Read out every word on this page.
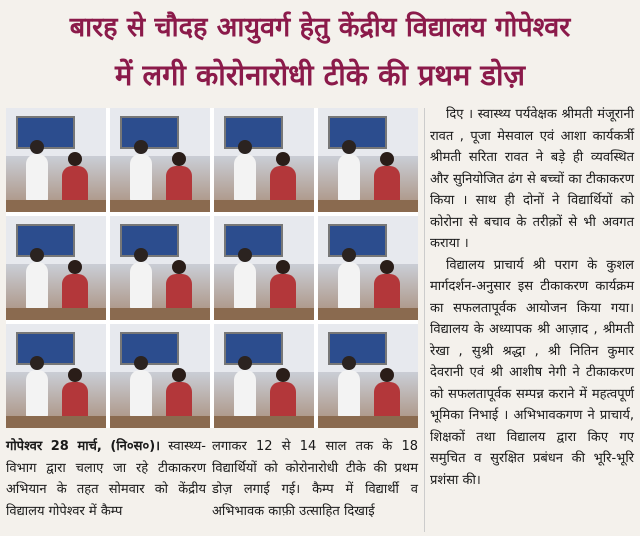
बारह से चौदह आयुवर्ग हेतु केंद्रीय विद्यालय गोपेश्वर
में लगी कोरोनारोधी टीके की प्रथम डोज़
गोपेश्वर 28 मार्च, (नि०स०)। स्वास्थ्य-विभाग द्वारा चलाए जा रहे टीकाकरण अभियान के तहत सोमवार को केंद्रीय विद्यालय गोपेश्वर में कैम्प
लगाकर 12 से 14 साल तक के 18 विद्यार्थियों को कोरोनारोधी टीके की प्रथम डोज़ लगाई गई। कैम्प में विद्यार्थी व अभिभावक काफ़ी उत्साहित दिखाई

दिए । स्वास्थ्य पर्यवेक्षक श्रीमती मंजूरानी रावत , पूजा मेसवाल एवं आशा कार्यकर्त्री श्रीमती सरिता रावत ने बड़े ही व्यवस्थित और सुनियोजित ढंग से बच्चों का टीकाकरण किया । साथ ही दोनों ने विद्यार्थियों को कोरोना से बचाव के तरीक़ों से भी अवगत कराया ।

विद्यालय प्राचार्य श्री पराग के कुशल मार्गदर्शन-अनुसार इस टीकाकरण कार्यक्रम का सफलतापूर्वक आयोजन किया गया। विद्यालय के अध्यापक श्री आज़ाद , श्रीमती रेखा , सुश्री श्रद्धा , श्री नितिन कुमार देवरानी एवं श्री आशीष नेगी ने टीकाकरण को सफलतापूर्वक सम्पन्न कराने में महत्वपूर्ण भूमिका निभाई । अभिभावकगण ने प्राचार्य, शिक्षकों तथा विद्यालय द्वारा किए गए समुचित व सुरक्षित प्रबंधन की भूरि-भूरि प्रशंसा की।
